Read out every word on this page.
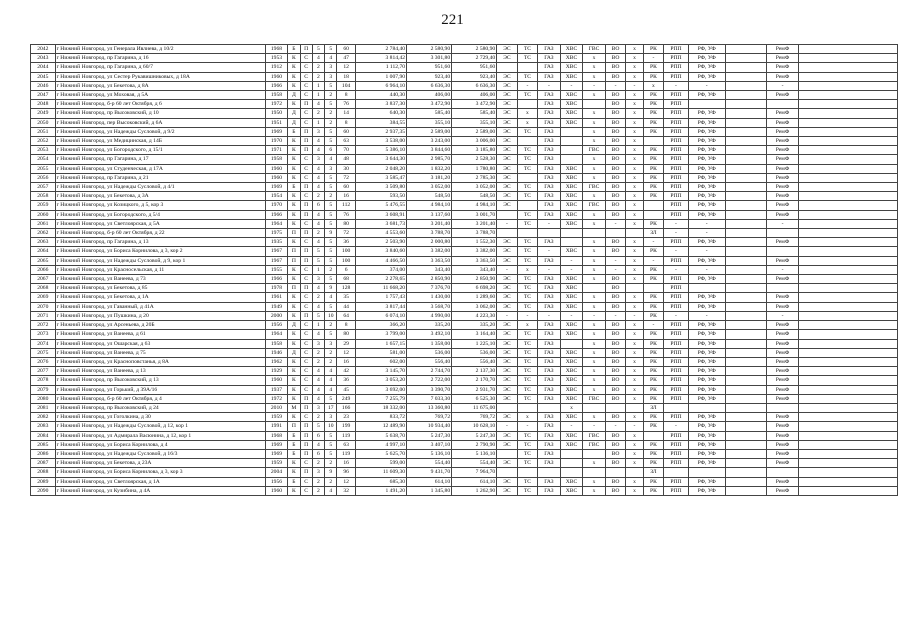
221
2042	г Нижний Новгород, ул Генерала Ивлиева, д 10/2	1968	Б	П	5	5	60	2 784,40	2 580,90	2 580,90	ЭС	ТС	ГАЗ	ХВС	ГВС	ВО	х	РК	РПП	РФ, УФ		РемФ	
2043	г Нижний Новгород, пр Гагарина, д 16	1953	К	С	4	4	47	3 814,42	3 301,80	2 729,40	ЭС	ТС	ГАЗ	ХВС	х	ВО	х	-	РПП	РФ, УФ		РемФ	
2044	г Нижний Новгород, пр Гагарина, д 60/7	1912	К	С	2	3	12	1 112,70	951,60	951,60			ГАЗ	ХВС	х	ВО	х	РК	РПП	РФ, УФ		РемФ	
2045	г Нижний Новгород, ул Сестер Рукавишниковых, д 18А	1960	К	С	2	3	18	1 007,90	923,40	923,40	ЭС	ТС	ГАЗ	ХВС	х	ВО	х	РК	РПП	РФ, УФ		РемФ	
2046	г Нижний Новгород, ул Бекетова, д 8А	1966	К	С	1	5	104	6 964,10	6 636,30	6 636,30	ЭС	-	-	-	-	-	-	х	-	-		-	
2047	г Нижний Новгород, ул Моховая, д 5А	1958	Д	С	1	2	8	440,30	406,00	406,00	ЭС	ТС	ГАЗ	ХВС	х	ВО	х	РК	РПП	РФ, УФ		РемФ	
2048	г Нижний Новгород, б-р 60 лет Октября, д 6	1972	К	П	4	5	76	3 837,30	3 472,90	3 472,90	ЭС		ГАЗ	ХВС		ВО	х	РК	РПП				
2049	г Нижний Новгород, пр Высоковский, д 10	1950	Д	С	2	2	14	640,30	585,40	585,40	ЭС	х	ГАЗ	ХВС	х	ВО	х	РК	РПП	РФ, УФ		РемФ	
2050	г Нижний Новгород, пер Высоковский, д 6А	1951	Д	С	1	2	8	384,55	355,10	355,10	ЭС	х	ГАЗ	ХВС	х	ВО	х	РК	РПП	РФ, УФ		РемФ	
2051	г Нижний Новгород, ул Надежды Сусловой, д 9/2	1969	Б	П	3	5	60	2 937,35	2 589,00	2 589,00	ЭС	ТС	ГАЗ		х	ВО	х	РК	РПП	РФ, УФ		РемФ	
2052	г Нижний Новгород, ул Медицинская, д 14Б	1970	К	П	4	5	63	3 538,00	3 243,00	3 006,00	ЭС		ГАЗ		х	ВО	х		РПП	РФ, УФ		РемФ	
2053	г Нижний Новгород, ул Богородского, д 15/1	1971	К	П	4	6	70	5 386,10	3 844,60	3 185,80	ЭС	ТС	ГАЗ		ГВС	ВО	х	РК	РПП	РФ, УФ		РемФ	
2054	г Нижний Новгород, пр Гагарина, д 17	1958	К	С	3	4	48	3 644,30	2 985,70	2 528,30	ЭС	ТС	ГАЗ		х	ВО	х	РК	РПП	РФ, УФ		РемФ	
2055	г Нижний Новгород, ул Студенческая, д 17А	1960	К	С	4	3	30	2 048,20	1 832,20	1 780,80	ЭС	ТС	ГАЗ	ХВС	х	ВО	х	РК	РПП	РФ, УФ		РемФ	
2056	г Нижний Новгород, пр Гагарина, д 21	1960	К	С	4	5	72	3 585,47	3 181,20	2 785,30	ЭС		ГАЗ	ХВС	х	ВО	х	РК	РПП	РФ, УФ		РемФ	
2057	г Нижний Новгород, ул Надежды Сусловой, д 4/1	1969	Б	П	4	5	60	3 509,80	3 052,00	3 052,00	ЭС	ТС	ГАЗ	ХВС	ГВС	ВО	х	РК	РПП	РФ, УФ		РемФ	
2058	г Нижний Новгород, ул Бекетова, д 3А	1954	К	С	2	2	16	593,50	548,50	548,50	ЭС	ТС	ГАЗ	ХВС	х	ВО	х	РК	РПП	РФ, УФ		РемФ	
2059	г Нижний Новгород, ул Козицкого, д 5, кор 3	1970	К	П	6	5	112	5 476,55	4 984,10	4 984,10	ЭС		ГАЗ	ХВС	ГВС	ВО	х		РПП	РФ, УФ		РемФ	
2060	г Нижний Новгород, ул Богородского, д 5/4	1966	К	П	4	5	76	3 608,91	3 137,60	3 001,70		ТС	ГАЗ	ХВС	х	ВО	х		РПП	РФ, УФ		РемФ	
2061	г Нижний Новгород, ул Светлоярская, д 5А	1964	К	С	4	5	80	3 681,73	3 201,40	3 201,40	-	ТС	-	ХВС	х	-	х	РК	-	-		-	
2062	г Нижний Новгород, б-р 60 лет Октября, д 22	1975	П	П	2	9	72	4 553,60	3 788,70	3 788,70								ЗЛ	-	-			
2063	г Нижний Новгород, пр Гагарина, д 13	1935	К	С	4	5	36	2 503,90	2 000,80	1 552,30	ЭС	ТС	ГАЗ		х	ВО	х	-	РПП	РФ, УФ		РемФ	
2064	г Нижний Новгород, ул Бориса Корнилова, д 3, кор 2	1967	П	П	5	5	100	3 840,60	3 382,00	3 382,00	ЭС	ТС	-	ХВС	х	ВО	х	РК	-	-			
2065	г Нижний Новгород, ул Надежды Сусловой, д 9, кор 1	1967	П	П	5	5	100	4 466,50	3 363,50	3 363,50	ЭС	ТС	ГАЗ	-	х	-	х	-	РПП	РФ, УФ		РемФ	
2066	г Нижний Новгород, ул Красносельская, д 11	1955	К	С	1	2	6	374,00	343,40	343,40	-	х	-	-	х	-	х	РК	-	-		-	
2067	г Нижний Новгород, ул Ванеева, д 73	1966	К	С	3	5	68	2 278,65	2 850,90	2 850,90	ЭС	ТС	ГАЗ	ХВС	х	ВО	х	РК	РПП	РФ, УФ		РемФ	
2068	г Нижний Новгород, ул Бекетова, д 85	1978	П	П	4	9	128	11 668,20	7 376,70	6 698,20	ЭС	ТС	ГАЗ	ХВС		ВО			РПП				
2069	г Нижний Новгород, ул Бекетова, д 1А	1961	К	С	2	4	35	1 757,43	1 430,00	1 289,60	ЭС	ТС	ГАЗ	ХВС	х	ВО	х	РК	РПП	РФ, УФ		РемФ	
2070	г Нижний Новгород, ул Гаванный, д 41А	1949	К	С	4	5	44	3 817,44	3 568,70	3 062,00	ЭС	ТС	ГАЗ	ХВС	х	ВО	х	РК	РПП	РФ, УФ		РемФ	
2071	г Нижний Новгород, ул Пушкина, д 20	2000	К	П	5	10	64	6 074,10	4 990,00	4 223,30	-	-	-	-	-	-	-	РК	-	-		-	
2072	г Нижний Новгород, ул Арсеньева, д 20Б	1956	Д	С	1	2	8	366,20	335,20	335,20	ЭС	х	ГАЗ	ХВС	х	ВО	х	-	РПП	РФ, УФ		РемФ	
2073	г Нижний Новгород, ул Ванеева, д 61	1964	К	С	4	5	80	3 799,00	3 492,10	3 164,40	ЭС	ТС	ГАЗ	ХВС	х	ВО	х	РК	РПП	РФ, УФ		РемФ	
2074	г Нижний Новгород, ул Ошарская, д 63	1958	К	С	3	3	29	1 657,15	1 358,00	1 225,10	ЭС	ТС	ГАЗ		х	ВО	х	РК	РПП	РФ, УФ		РемФ	
2075	г Нижний Новгород, ул Ванеева, д 75	1946	Д	С	2	2	12	581,00	536,00	536,00	ЭС	ТС	ГАЗ	ХВС	х	ВО	х	РК	РПП	РФ, УФ		РемФ	
2076	г Нижний Новгород, ул Красноповстанья, д 8А	1962	К	С	2	2	16	602,00	556,40	556,40	ЭС	ТС	ГАЗ	ХВС	х	ВО	х	РК	РПП	РФ, УФ		РемФ	
2077	г Нижний Новгород, ул Ванеева, д 13	1929	К	С	4	4	42	3 145,70	2 744,70	2 137,30	ЭС	ТС	ГАЗ	ХВС	х	ВО	х	РК	РПП	РФ, УФ		РемФ	
2078	г Нижний Новгород, пр Высоковский, д 13	1960	К	С	4	4	36	3 053,20	2 722,00	2 170,70	ЭС	ТС	ГАЗ	ХВС	х	ВО	х	РК	РПП	РФ, УФ		РемФ	
2079	г Нижний Новгород, ул Горький, д 39А/16	1937	К	С	4	4	45	3 692,00	3 390,70	2 931,70	ЭС	ТС	ГАЗ	ХВС	х	ВО	х	РК	РПП	РФ, УФ		РемФ	
2080	г Нижний Новгород, б-р 60 лет Октября, д 4	1972	К	П	4	5	249	7 255,79	7 033,30	6 525,30	ЭС	ТС	ГАЗ	ХВС	ГВС	ВО	х	РК	РПП	РФ, УФ		РемФ	
2081	г Нижний Новгород, пр Высоковский, д 24	2010	М	П	3	17	166	18 332,00	13 360,80	11 675,00				х				ЗЛ					
2082	г Нижний Новгород, ул Гоголкина, д 30	1959	К	С	2	3	23	833,72	769,72	769,72	ЭС	х	ГАЗ	ХВС	х	ВО	х	РК	РПП	РФ, УФ		РемФ	
2083	г Нижний Новгород, ул Надежды Сусловой, д 12, кор 1	1991	П	П	5	10	199	12 489,90	10 934,40	10 628,10	-	-	ГАЗ	-	-	-	-	РК	-	РФ, УФ		РемФ	
2084	г Нижний Новгород, ул Адмирала Васюнина, д 12, кор 1	1968	Б	П	6	5	119	5 638,70	5 247,30	5 247,30	ЭС	ТС	ГАЗ	ХВС	ГВС	ВО	х		РПП	РФ, УФ		РемФ	
2085	г Нижний Новгород, ул Бориса Корнилова, д 4	1969	Б	П	4	5	63	4 997,10	3 407,10	2 790,90	ЭС	ТС	ГАЗ	ХВС	ГВС	ВО	х	РК	РПП	РФ, УФ		РемФ	
2086	г Нижний Новгород, ул Надежды Сусловой, д 16/3	1969	Б	П	6	5	119	5 625,70	5 136,10	5 136,10		ТС	ГАЗ			ВО	х	РК	РПП	РФ, УФ		РемФ	
2087	г Нижний Новгород, ул Бекетова, д 23А	1959	К	С	2	2	16	599,00	554,40	554,40	ЭС	ТС	ГАЗ		х	ВО	х	РК	РПП	РФ, УФ		РемФ	
2088	г Нижний Новгород, ул Бориса Корнилова, д 3, кор 3	2004	К	П	3	9	96	11 609,30	9 431,70	7 964,70								ЗЛ					
2089	г Нижний Новгород, ул Светлоярская, д 1А	1956	Б	С	2	2	12	685,30	614,10	614,10	ЭС	ТС	ГАЗ	ХВС	х	ВО	х	РК	РПП	РФ, УФ		РемФ	
2090	г Нижний Новгород, ул Кузибина, д 4А	1960	К	С	2	4	32	1 491,20	1 345,80	1 262,90	ЭС	ТС	ГАЗ	ХВС	х	ВО	х	РК	РПП	РФ, УФ		РемФ	
